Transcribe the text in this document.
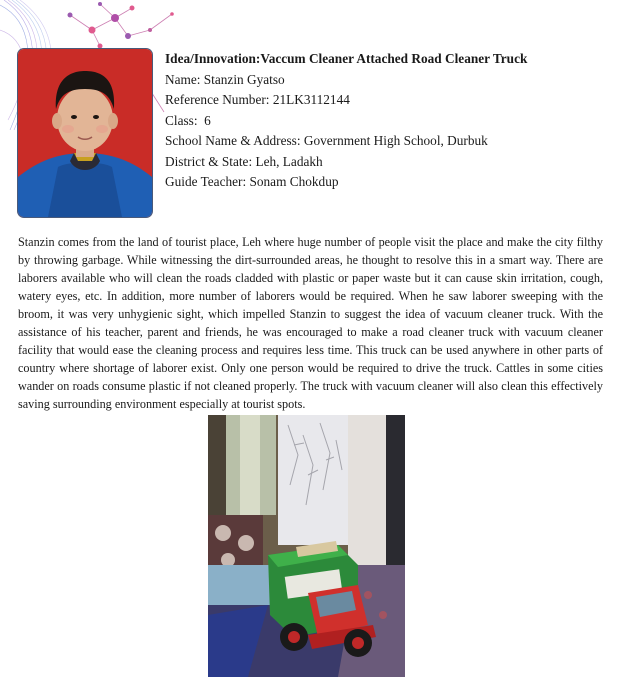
Idea/Innovation:Vaccum Cleaner Attached Road Cleaner Truck
Name: Stanzin Gyatso
Reference Number: 21LK3112144
Class:  6
School Name & Address: Government High School, Durbuk
District & State: Leh, Ladakh
Guide Teacher: Sonam Chokdup

Stanzin comes from the land of tourist place, Leh where huge number of people visit the place and make the city filthy by throwing garbage. While witnessing the dirt-surrounded areas, he thought to resolve this in a smart way. There are laborers available who will clean the roads cladded with plastic or paper waste but it can cause skin irritation, cough, watery eyes, etc. In addition, more number of laborers would be required. When he saw laborer sweeping with the broom, it was very unhygienic sight, which impelled Stanzin to suggest the idea of vacuum cleaner truck. With the assistance of his teacher, parent and friends, he was encouraged to make a road cleaner truck with vacuum cleaner facility that would ease the cleaning process and requires less time. This truck can be used anywhere in other parts of country where shortage of laborer exist. Only one person would be required to drive the truck. Cattles in some cities wander on roads consume plastic if not cleaned properly. The truck with vacuum cleaner will also clean this effectively saving surrounding environment especially at tourist spots.
